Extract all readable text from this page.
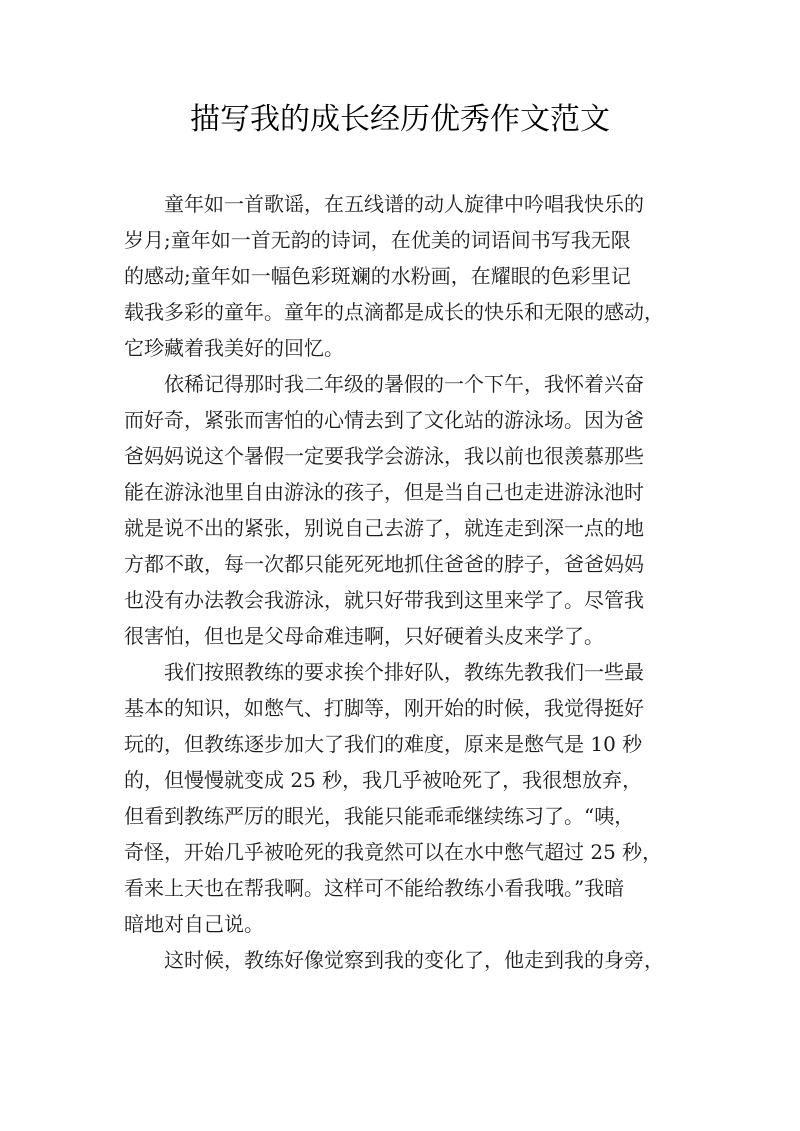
描写我的成长经历优秀作文范文
童年如一首歌谣，在五线谱的动人旋律中吟唱我快乐的
岁月;童年如一首无韵的诗词，在优美的词语间书写我无限
的感动;童年如一幅色彩斑斓的水粉画，在耀眼的色彩里记
载我多彩的童年。童年的点滴都是成长的快乐和无限的感动，
它珍藏着我美好的回忆。
依稀记得那时我二年级的暑假的一个下午，我怀着兴奋
而好奇，紧张而害怕的心情去到了文化站的游泳场。因为爸
爸妈妈说这个暑假一定要我学会游泳，我以前也很羡慕那些
能在游泳池里自由游泳的孩子，但是当自己也走进游泳池时
就是说不出的紧张，别说自己去游了，就连走到深一点的地
方都不敢，每一次都只能死死地抓住爸爸的脖子，爸爸妈妈
也没有办法教会我游泳，就只好带我到这里来学了。尽管我
很害怕，但也是父母命难违啊，只好硬着头皮来学了。
我们按照教练的要求挨个排好队，教练先教我们一些最
基本的知识，如憋气、打脚等，刚开始的时候，我觉得挺好
玩的，但教练逐步加大了我们的难度，原来是憋气是 10 秒
的，但慢慢就变成 25 秒，我几乎被呛死了，我很想放弃，
但看到教练严厉的眼光，我能只能乖乖继续练习了。“咦，
奇怪，开始几乎被呛死的我竟然可以在水中憋气超过 25 秒，
看来上天也在帮我啊。这样可不能给教练小看我哦。”我暗
暗地对自己说。
这时候，教练好像觉察到我的变化了，他走到我的身旁，
